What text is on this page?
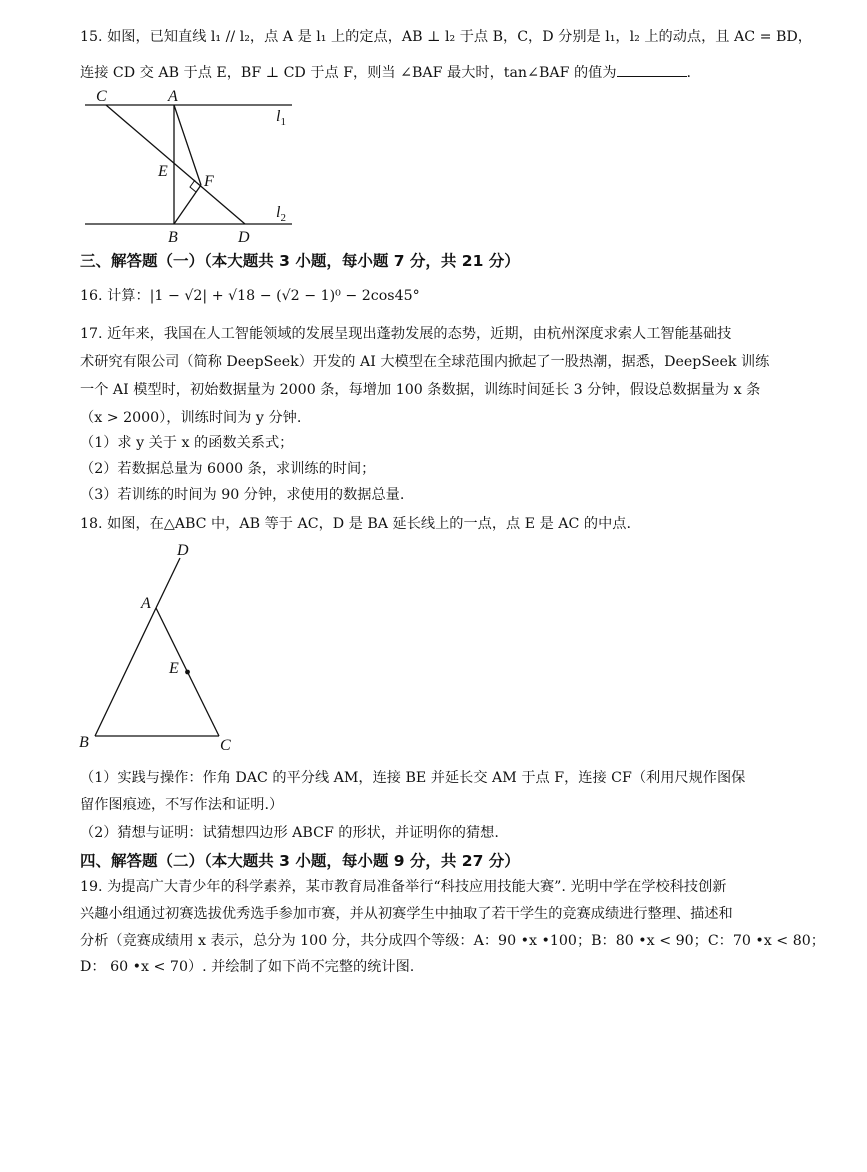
15. 如图，已知直线 l₁ // l₂，点 A 是 l₁ 上的定点，AB ⊥ l₂ 于点 B，C，D 分别是 l₁，l₂ 上的动点，且 AC = BD，
连接 CD 交 AB 于点 E，BF ⊥ CD 于点 F，则当 ∠BAF 最大时，tan∠BAF 的值为	.
C	A
$l_1$
E
F
$l_2$
B	D
三、解答题（一）（本大题共 3 小题，每小题 7 分，共 21 分）
16. 计算：|1 − √2| + √18 − (√2 − 1)⁰ − 2cos45°
17. 近年来，我国在人工智能领域的发展呈现出蓬勃发展的态势，近期，由杭州深度求索人工智能基础技
术研究有限公司（简称 DeepSeek）开发的 AI 大模型在全球范围内掀起了一股热潮，据悉，DeepSeek 训练
一个 AI 模型时，初始数据量为 2000 条，每增加 100 条数据，训练时间延长 3 分钟，假设总数据量为 x 条
（x > 2000），训练时间为 y 分钟.
（1）求 y 关于 x 的函数关系式；
（2）若数据总量为 6000 条，求训练的时间；
（3）若训练的时间为 90 分钟，求使用的数据总量.
18. 如图，在△ABC 中，AB 等于 AC，D 是 BA 延长线上的一点，点 E 是 AC 的中点.
D
A
E
B	C
（1）实践与操作：作角 DAC 的平分线 AM，连接 BE 并延长交 AM 于点 F，连接 CF（利用尺规作图保
留作图痕迹，不写作法和证明.）
（2）猜想与证明：试猜想四边形 ABCF 的形状，并证明你的猜想.
四、解答题（二）（本大题共 3 小题，每小题 9 分，共 27 分）
19. 为提高广大青少年的科学素养，某市教育局准备举行“科技应用技能大赛”. 光明中学在学校科技创新
兴趣小组通过初赛选拔优秀选手参加市赛，并从初赛学生中抽取了若干学生的竞赛成绩进行整理、描述和
分析（竞赛成绩用 x 表示，总分为 100 分，共分成四个等级：A：90 •x •100；B：80 •x < 90；C：70 •x < 80；
D： 60 •x < 70）. 并绘制了如下尚不完整的统计图.
